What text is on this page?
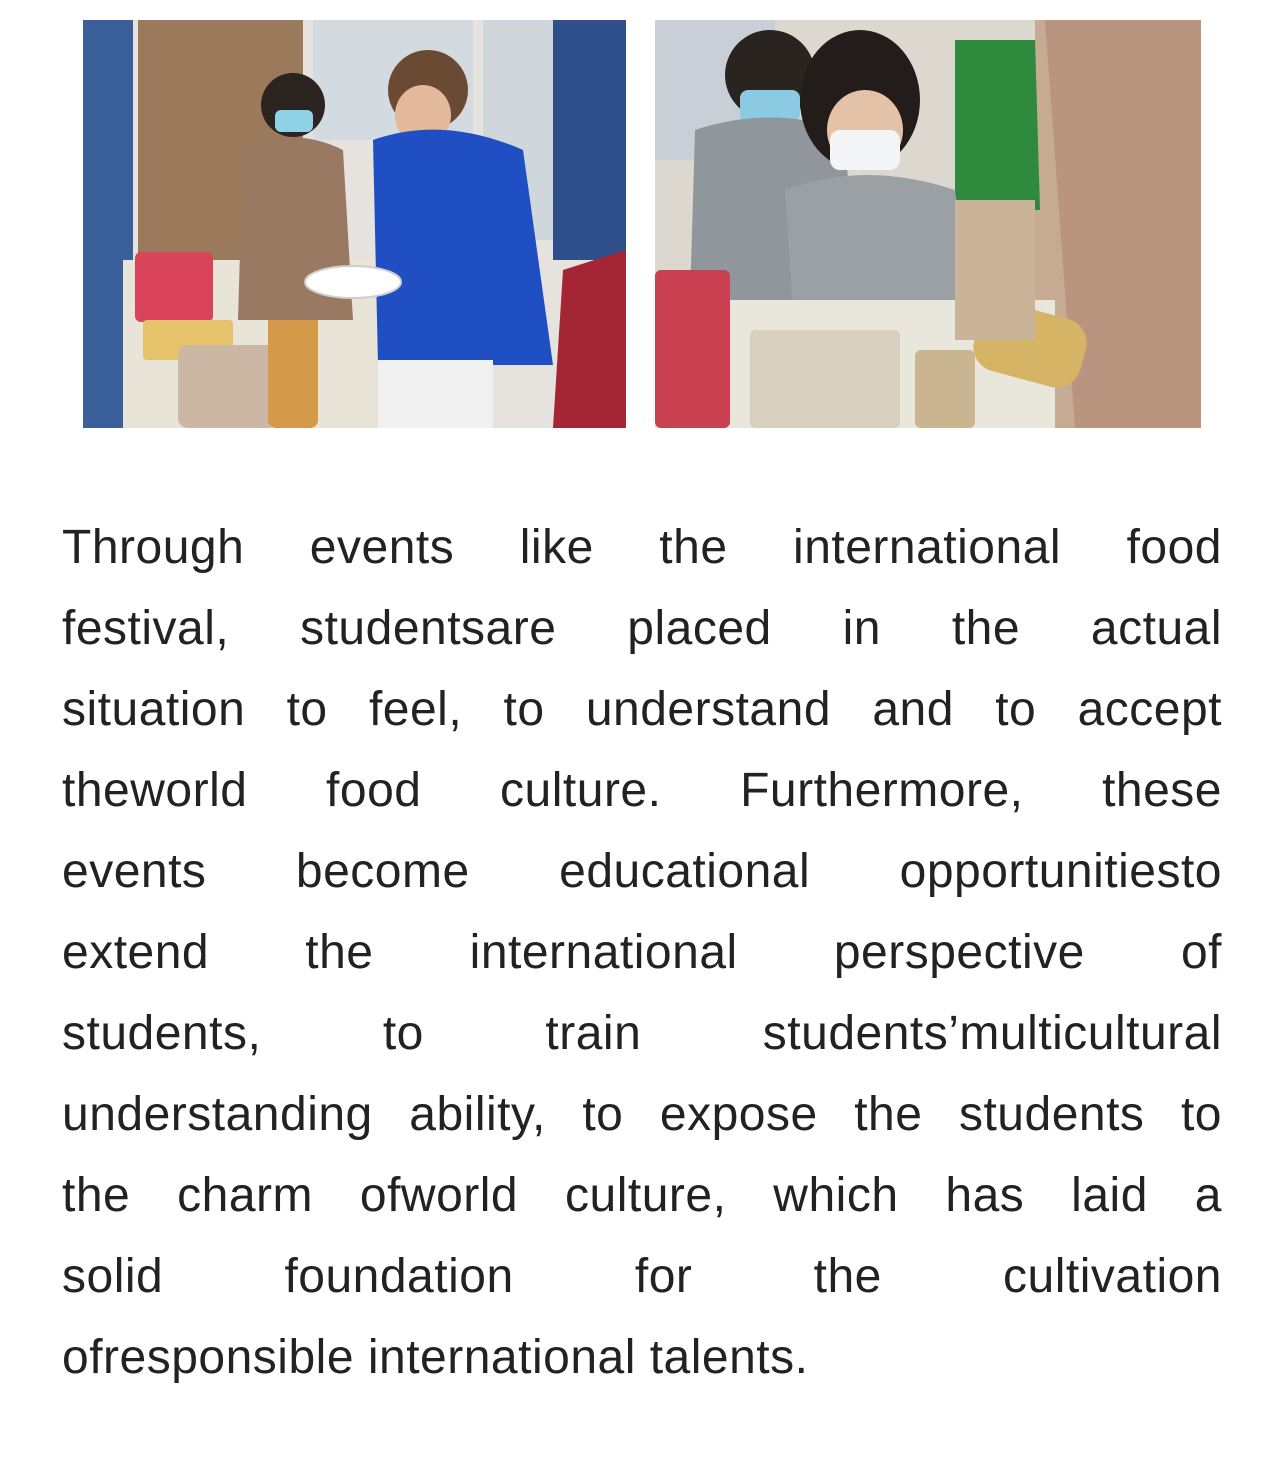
Through events like the international food
festival, studentsare placed in the actual
situation to feel, to understand and to accept
theworld food culture. Furthermore, these
events become educational opportunitiesto
extend the international perspective of
students, to train students’multicultural
understanding ability, to expose the students to
the charm ofworld culture, which has laid a
solid foundation for the cultivation
ofresponsible international talents.
